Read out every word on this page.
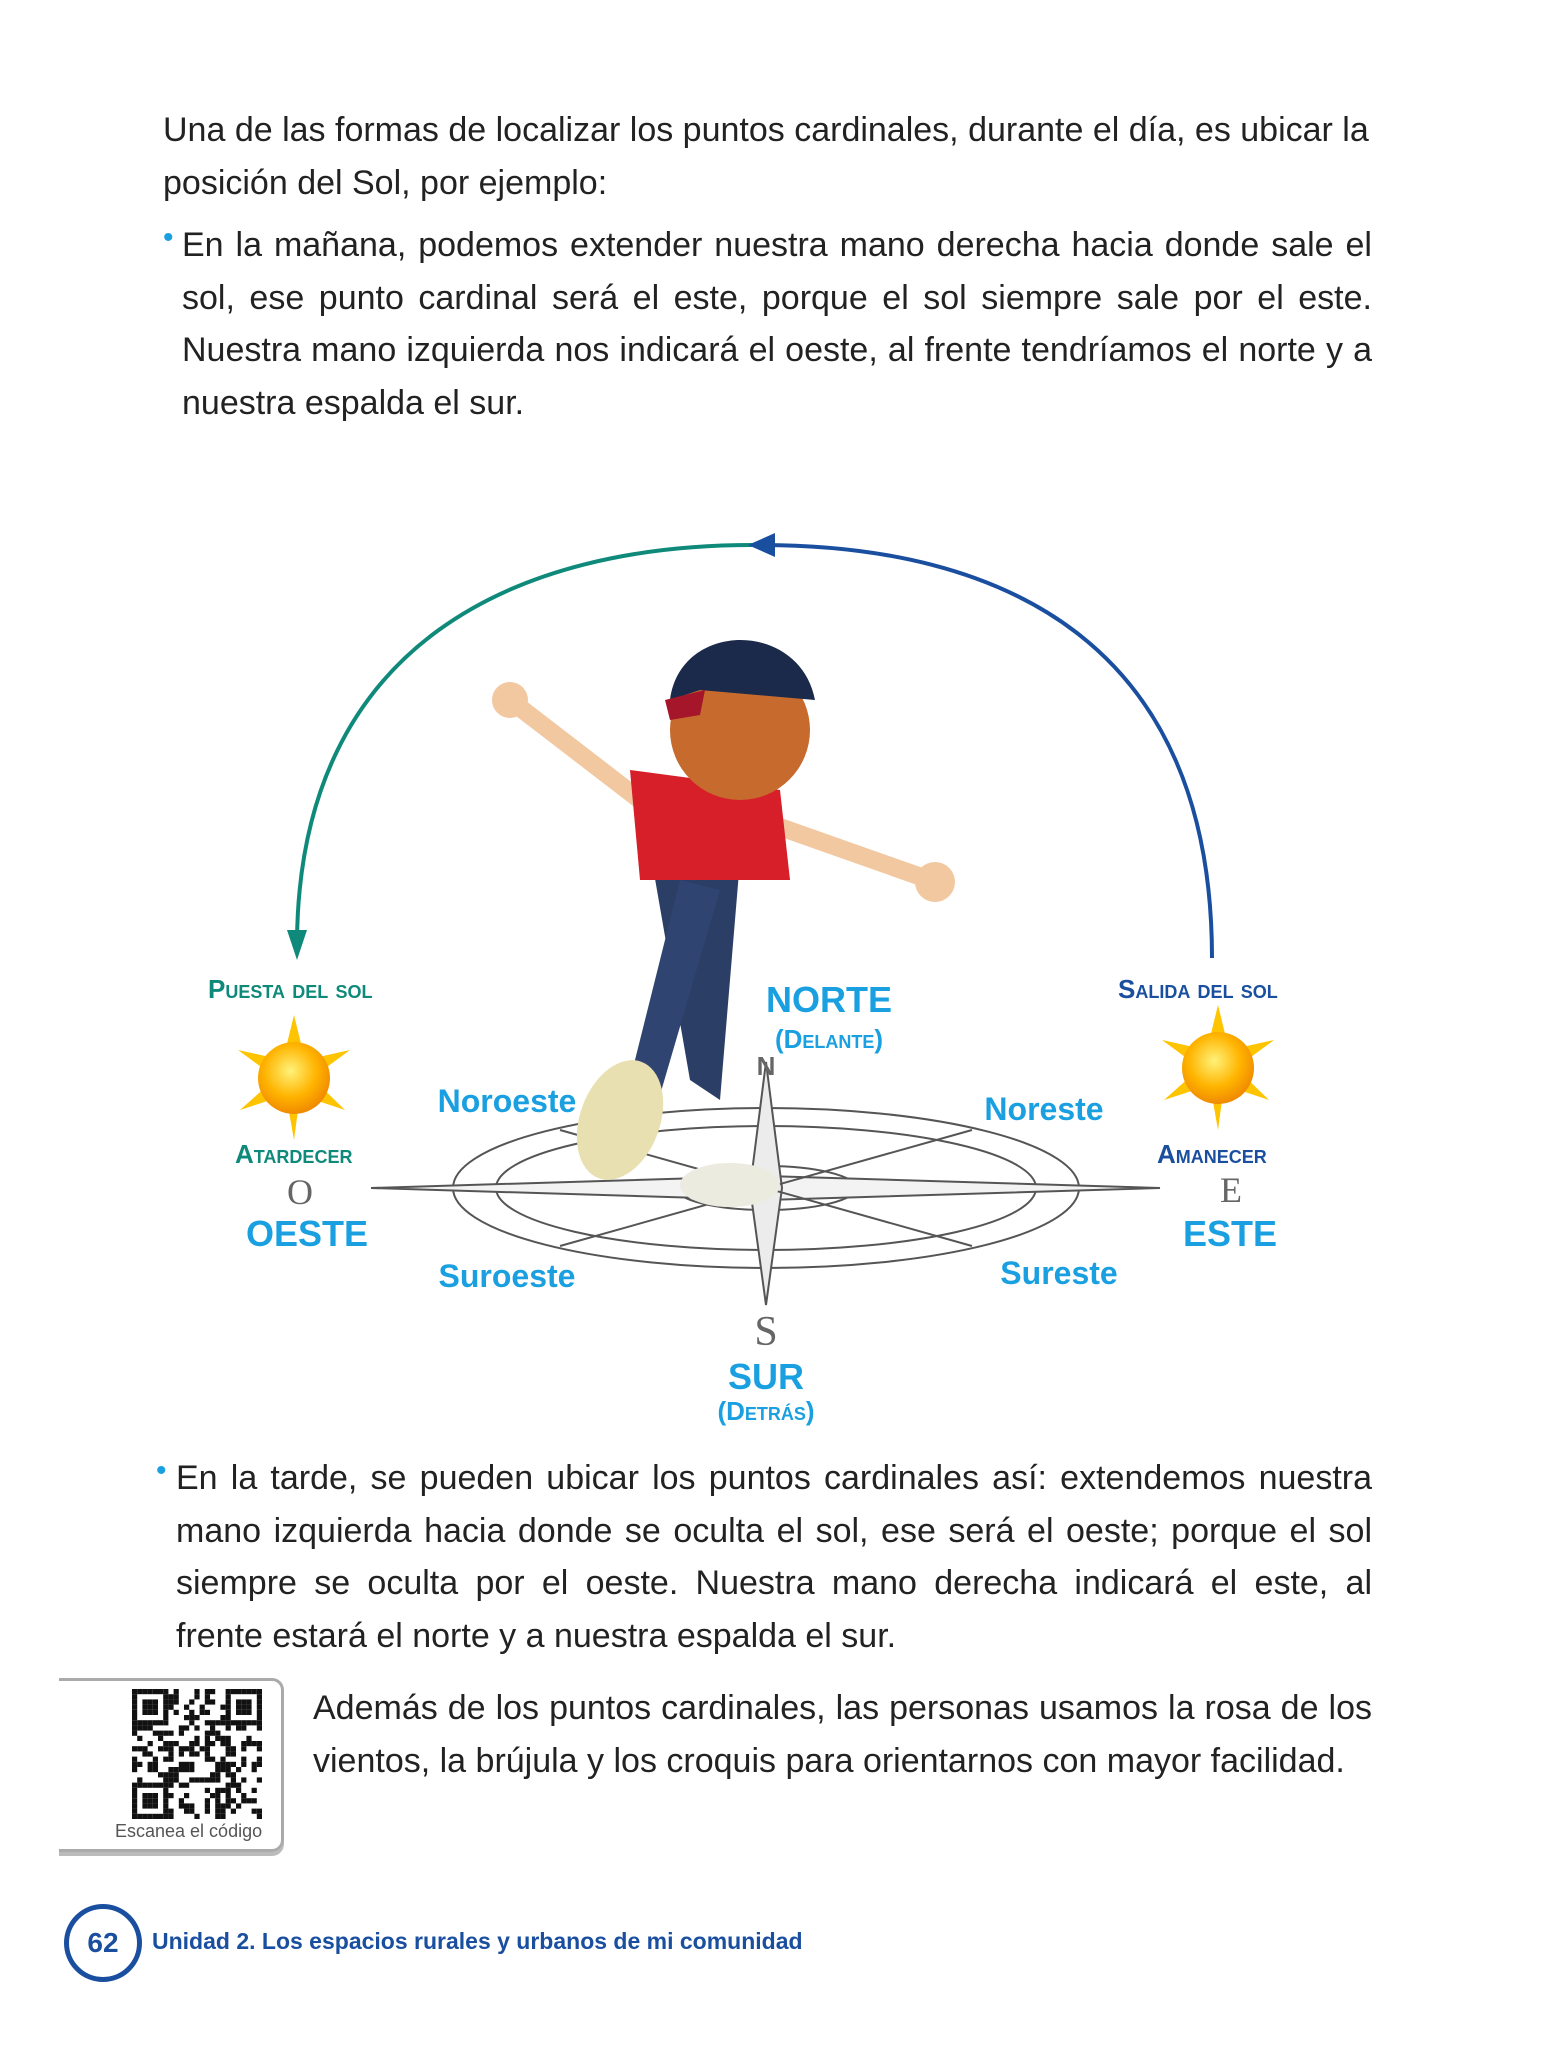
Una de las formas de localizar los puntos cardinales, durante el día, es ubicar la posición del Sol, por ejemplo:
• En la mañana, podemos extender nuestra mano derecha hacia donde sale el sol, ese punto cardinal será el este, porque el sol siempre sale por el este. Nuestra mano izquierda nos indicará el oeste, al frente tendríamos el norte y a nuestra espalda el sur.
N
S
E
O
Puesta del sol	Salida del sol
Atardecer	Amanecer
NORTE
(Delante)
SUR
(Detrás)
OESTE	ESTE
Noroeste	Noreste
Suroeste	Sureste
• En la tarde, se pueden ubicar los puntos cardinales así: extendemos nuestra mano izquierda hacia donde se oculta el sol, ese será el oeste; porque el sol siempre se oculta por el oeste. Nuestra mano derecha indicará el este, al frente estará el norte y a nuestra espalda el sur.
Escanea el código
Además de los puntos cardinales, las personas usamos la rosa de los vientos, la brújula y los croquis para orientarnos con mayor facilidad.
62	Unidad 2. Los espacios rurales y urbanos de mi comunidad
